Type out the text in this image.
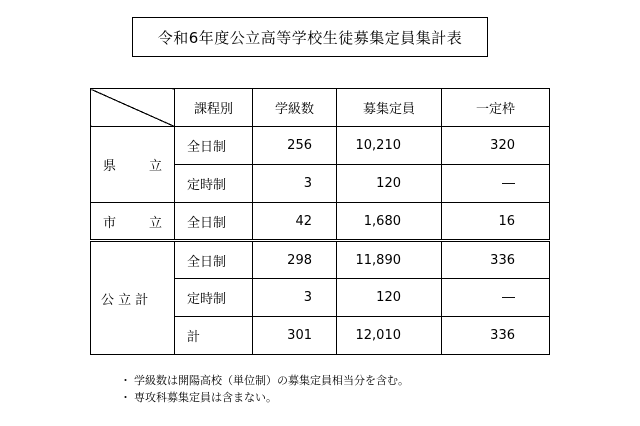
令和6年度公立高等学校生徒募集定員集計表
	課程別	学級数	募集定員	一定枠

県 立	全日制	256	10,210	320
	定時制	3	120	―

市 立	全日制	42	1,680	16

公 立 計	全日制	298	11,890	336
	定時制	3	120	―
	計	301	12,010	336
・ 学級数は開陽高校（単位制）の募集定員相当分を含む。
・ 専攻科募集定員は含まない。
